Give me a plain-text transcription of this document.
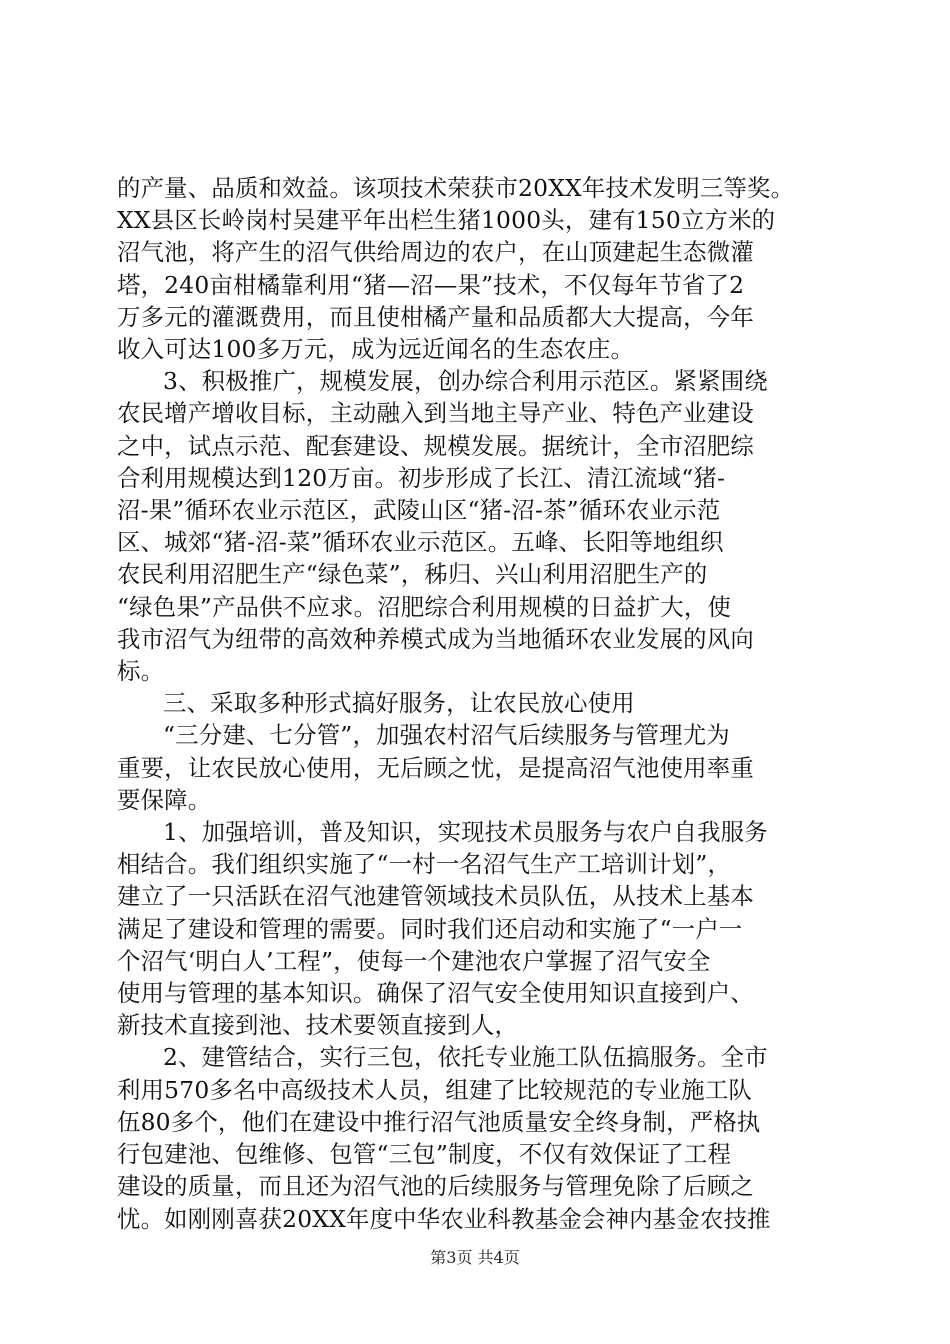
的产量、品质和效益。该项技术荣获市20XX年技术发明三等奖。
XX县区长岭岗村吴建平年出栏生猪1000头，建有150立方米的
沼气池，将产生的沼气供给周边的农户，在山顶建起生态微灌
塔，240亩柑橘靠利用“猪—沼—果”技术，不仅每年节省了2
万多元的灌溉费用，而且使柑橘产量和品质都大大提高，今年
收入可达100多万元，成为远近闻名的生态农庄。
3、积极推广，规模发展，创办综合利用示范区。紧紧围绕
农民增产增收目标，主动融入到当地主导产业、特色产业建设
之中，试点示范、配套建设、规模发展。据统计，全市沼肥综
合利用规模达到120万亩。初步形成了长江、清江流域“猪-
沼-果”循环农业示范区，武陵山区“猪-沼-茶”循环农业示范
区、城郊“猪-沼-菜”循环农业示范区。五峰、长阳等地组织
农民利用沼肥生产“绿色菜”，秭归、兴山利用沼肥生产的
“绿色果”产品供不应求。沼肥综合利用规模的日益扩大，使
我市沼气为纽带的高效种养模式成为当地循环农业发展的风向
标。
三、采取多种形式搞好服务，让农民放心使用
“三分建、七分管”，加强农村沼气后续服务与管理尤为
重要，让农民放心使用，无后顾之忧，是提高沼气池使用率重
要保障。
1、加强培训，普及知识，实现技术员服务与农户自我服务
相结合。我们组织实施了“一村一名沼气生产工培训计划”，
建立了一只活跃在沼气池建管领域技术员队伍，从技术上基本
满足了建设和管理的需要。同时我们还启动和实施了“一户一
个沼气‘明白人’工程”，使每一个建池农户掌握了沼气安全
使用与管理的基本知识。确保了沼气安全使用知识直接到户、
新技术直接到池、技术要领直接到人，
2、建管结合，实行三包，依托专业施工队伍搞服务。全市
利用570多名中高级技术人员，组建了比较规范的专业施工队
伍80多个，他们在建设中推行沼气池质量安全终身制，严格执
行包建池、包维修、包管“三包”制度，不仅有效保证了工程
建设的质量，而且还为沼气池的后续服务与管理免除了后顾之
忧。如刚刚喜获20XX年度中华农业科教基金会神内基金农技推
第3页 共4页
